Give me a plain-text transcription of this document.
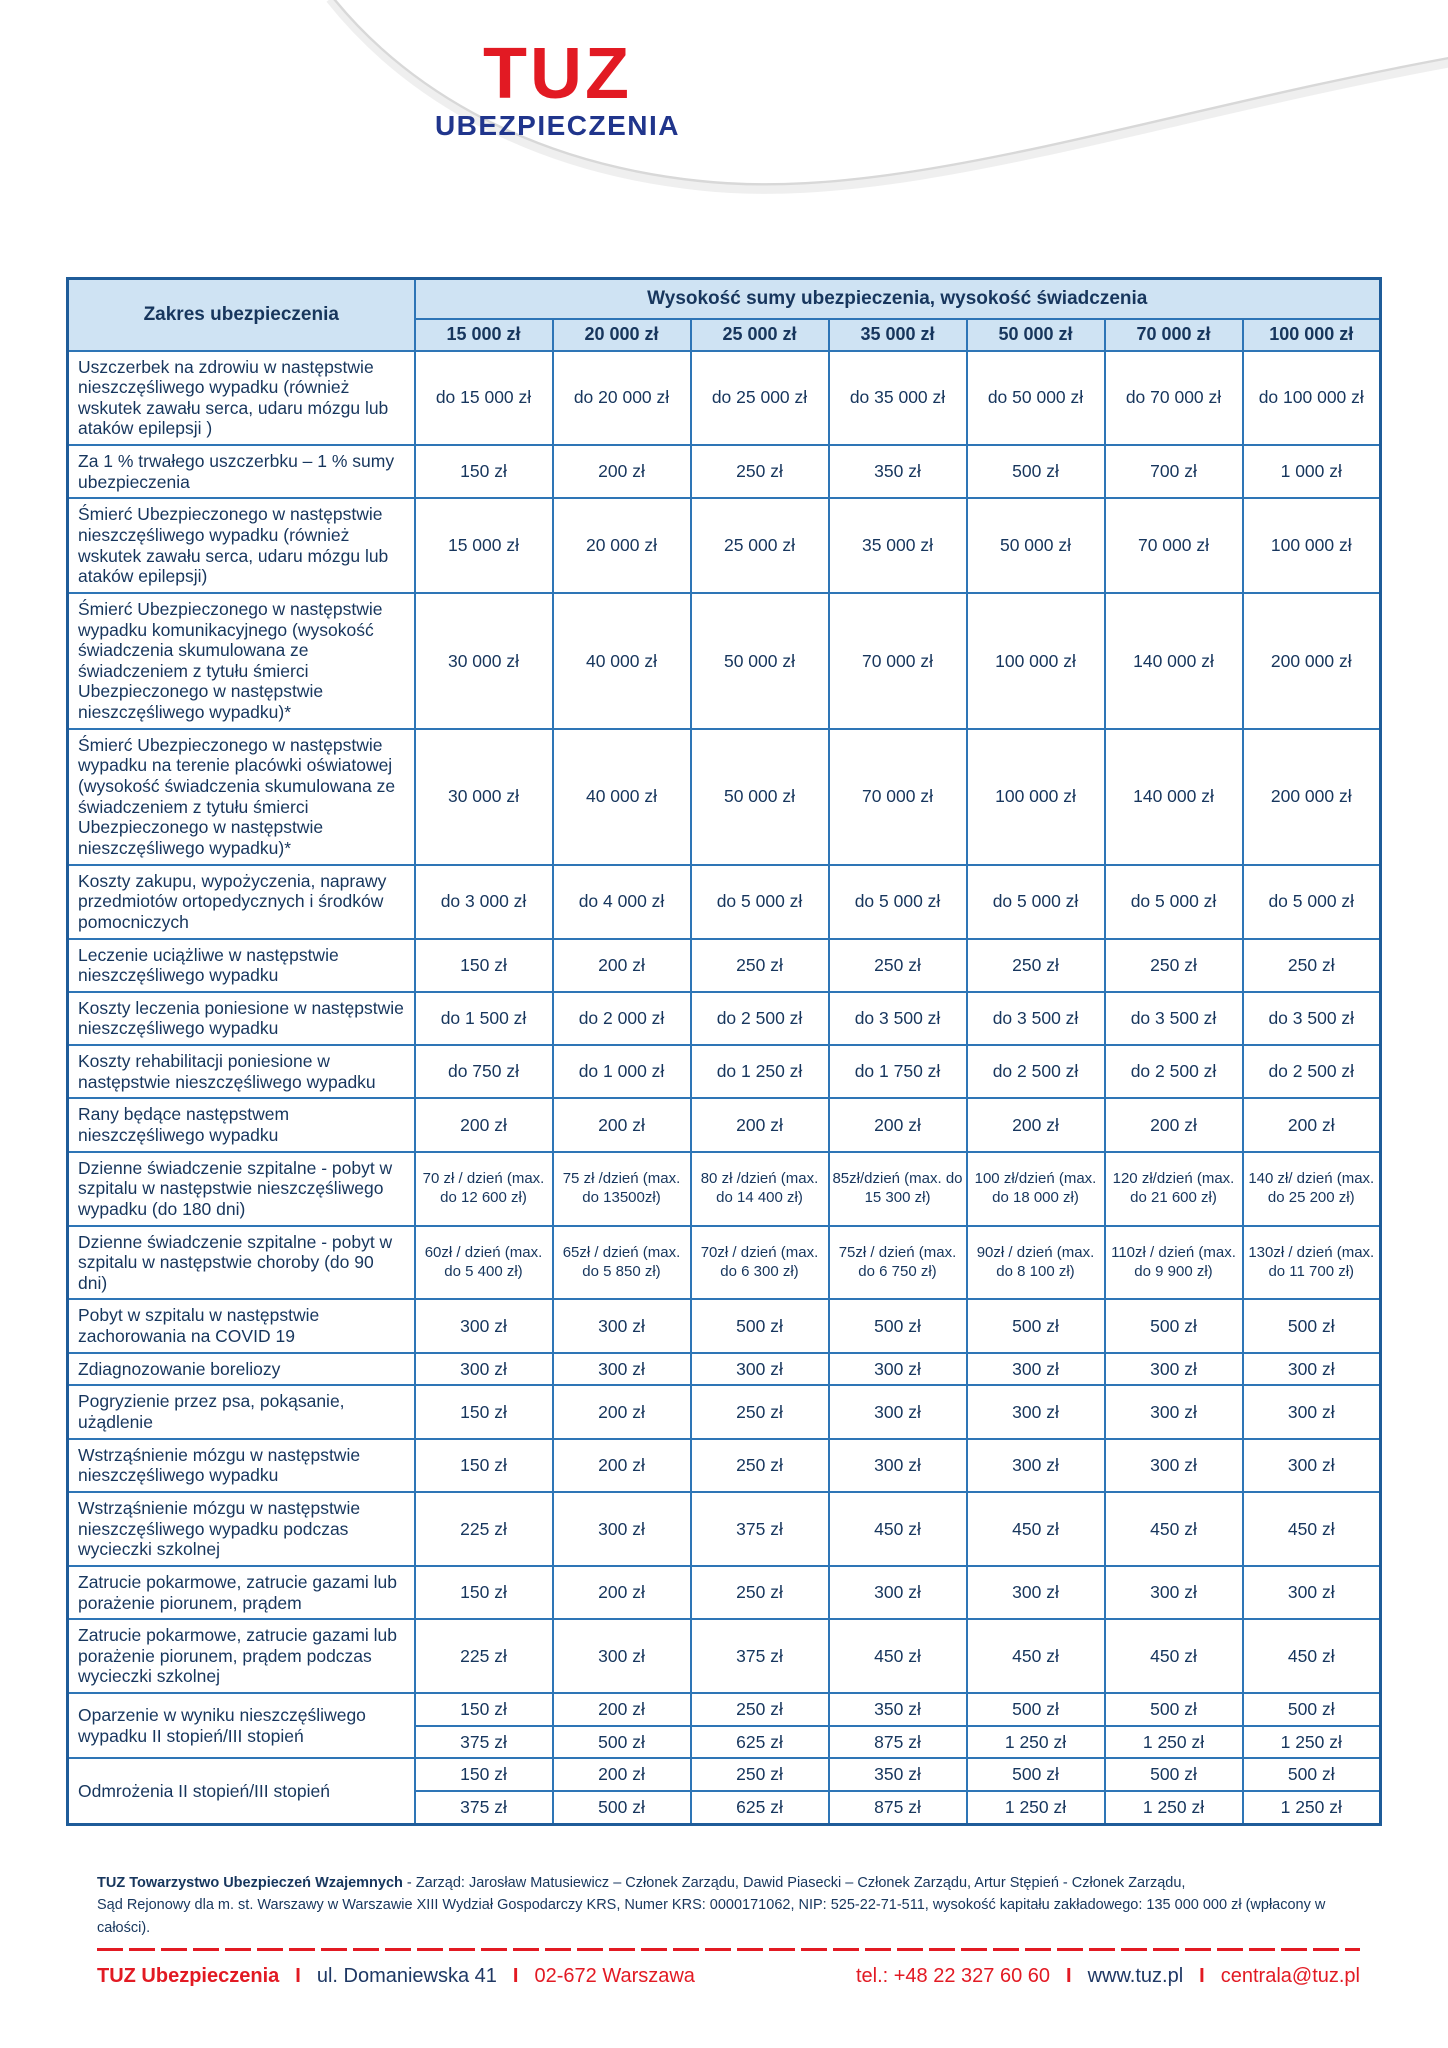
TUZ
UBEZPIECZENIA
Zakres ubezpieczenia	Wysokość sumy ubezpieczenia, wysokość świadczenia						
	15 000 zł	20 000 zł	25 000 zł	35 000 zł	50 000 zł	70 000 zł	100 000 zł
Uszczerbek na zdrowiu w następstwie nieszczęśliwego wypadku (również wskutek zawału serca, udaru mózgu lub ataków epilepsji )	do 15 000 zł	do 20 000 zł	do 25 000 zł	do 35 000 zł	do 50 000 zł	do 70 000 zł	do 100 000 zł
Za 1 % trwałego uszczerbku – 1 % sumy ubezpieczenia	150 zł	200 zł	250 zł	350 zł	500 zł	700 zł	1 000 zł
Śmierć Ubezpieczonego w następstwie nieszczęśliwego wypadku (również wskutek zawału serca, udaru mózgu lub ataków epilepsji)	15 000 zł	20 000 zł	25 000 zł	35 000 zł	50 000 zł	70 000 zł	100 000 zł
Śmierć Ubezpieczonego w następstwie wypadku komunikacyjnego (wysokość świadczenia skumulowana ze świadczeniem z tytułu śmierci Ubezpieczonego w następstwie nieszczęśliwego wypadku)*	30 000 zł	40 000 zł	50 000 zł	70 000 zł	100 000 zł	140 000 zł	200 000 zł
Śmierć Ubezpieczonego w następstwie wypadku na terenie placówki oświatowej (wysokość świadczenia skumulowana ze świadczeniem z tytułu śmierci Ubezpieczonego w następstwie nieszczęśliwego wypadku)*	30 000 zł	40 000 zł	50 000 zł	70 000 zł	100 000 zł	140 000 zł	200 000 zł
Koszty zakupu, wypożyczenia, naprawy przedmiotów ortopedycznych i środków pomocniczych	do 3 000 zł	do 4 000 zł	do 5 000 zł	do 5 000 zł	do 5 000 zł	do 5 000 zł	do 5 000 zł
Leczenie uciążliwe w następstwie nieszczęśliwego wypadku	150 zł	200 zł	250 zł	250 zł	250 zł	250 zł	250 zł
Koszty leczenia poniesione w następstwie nieszczęśliwego wypadku	do 1 500 zł	do 2 000 zł	do 2 500 zł	do 3 500 zł	do 3 500 zł	do 3 500 zł	do 3 500 zł
Koszty rehabilitacji poniesione w następstwie nieszczęśliwego wypadku	do 750 zł	do 1 000 zł	do 1 250 zł	do 1 750 zł	do 2 500 zł	do 2 500 zł	do 2 500 zł
Rany będące następstwem nieszczęśliwego wypadku	200 zł	200 zł	200 zł	200 zł	200 zł	200 zł	200 zł
Dzienne świadczenie szpitalne - pobyt w szpitalu w następstwie nieszczęśliwego wypadku (do 180 dni)	70 zł / dzień (max. do 12 600 zł)	75 zł /dzień (max. do 13500zł)	80 zł /dzień (max. do 14 400 zł)	85zł/dzień (max. do 15 300 zł)	100 zł/dzień (max. do 18 000 zł)	120 zł/dzień (max. do 21 600 zł)	140 zł/ dzień (max. do 25 200 zł)
Dzienne świadczenie szpitalne - pobyt w szpitalu w następstwie choroby (do 90 dni)	60zł / dzień (max. do 5 400 zł)	65zł / dzień (max. do 5 850 zł)	70zł / dzień (max. do 6 300 zł)	75zł / dzień (max. do 6 750 zł)	90zł / dzień (max. do 8 100 zł)	110zł / dzień (max. do 9 900 zł)	130zł / dzień (max. do 11 700 zł)
Pobyt w szpitalu w następstwie zachorowania na COVID 19	300 zł	300 zł	500 zł	500 zł	500 zł	500 zł	500 zł
Zdiagnozowanie boreliozy	300 zł	300 zł	300 zł	300 zł	300 zł	300 zł	300 zł
Pogryzienie przez psa, pokąsanie, użądlenie	150 zł	200 zł	250 zł	300 zł	300 zł	300 zł	300 zł
Wstrząśnienie mózgu w następstwie nieszczęśliwego wypadku	150 zł	200 zł	250 zł	300 zł	300 zł	300 zł	300 zł
Wstrząśnienie mózgu w następstwie nieszczęśliwego wypadku podczas wycieczki szkolnej	225 zł	300 zł	375 zł	450 zł	450 zł	450 zł	450 zł
Zatrucie pokarmowe, zatrucie gazami lub porażenie piorunem, prądem	150 zł	200 zł	250 zł	300 zł	300 zł	300 zł	300 zł
Zatrucie pokarmowe, zatrucie gazami lub porażenie piorunem, prądem podczas wycieczki szkolnej	225 zł	300 zł	375 zł	450 zł	450 zł	450 zł	450 zł
Oparzenie w wyniku nieszczęśliwego wypadku II stopień/III stopień	150 zł	200 zł	250 zł	350 zł	500 zł	500 zł	500 zł
	375 zł	500 zł	625 zł	875 zł	1 250 zł	1 250 zł	1 250 zł
Odmrożenia II stopień/III stopień	150 zł	200 zł	250 zł	350 zł	500 zł	500 zł	500 zł
	375 zł	500 zł	625 zł	875 zł	1 250 zł	1 250 zł	1 250 zł
TUZ Towarzystwo Ubezpieczeń Wzajemnych - Zarząd: Jarosław Matusiewicz – Członek Zarządu, Dawid Piasecki – Członek Zarządu, Artur Stępień - Członek Zarządu,
Sąd Rejonowy dla m. st. Warszawy w Warszawie XIII Wydział Gospodarczy KRS, Numer KRS: 0000171062, NIP: 525-22-71-511, wysokość kapitału zakładowego: 135 000 000 zł (wpłacony w całości).
TUZ Ubezpieczenia I ul. Domaniewska 41 I 02-672 Warszawa	tel.: +48 22 327 60 60 I www.tuz.pl I centrala@tuz.pl
